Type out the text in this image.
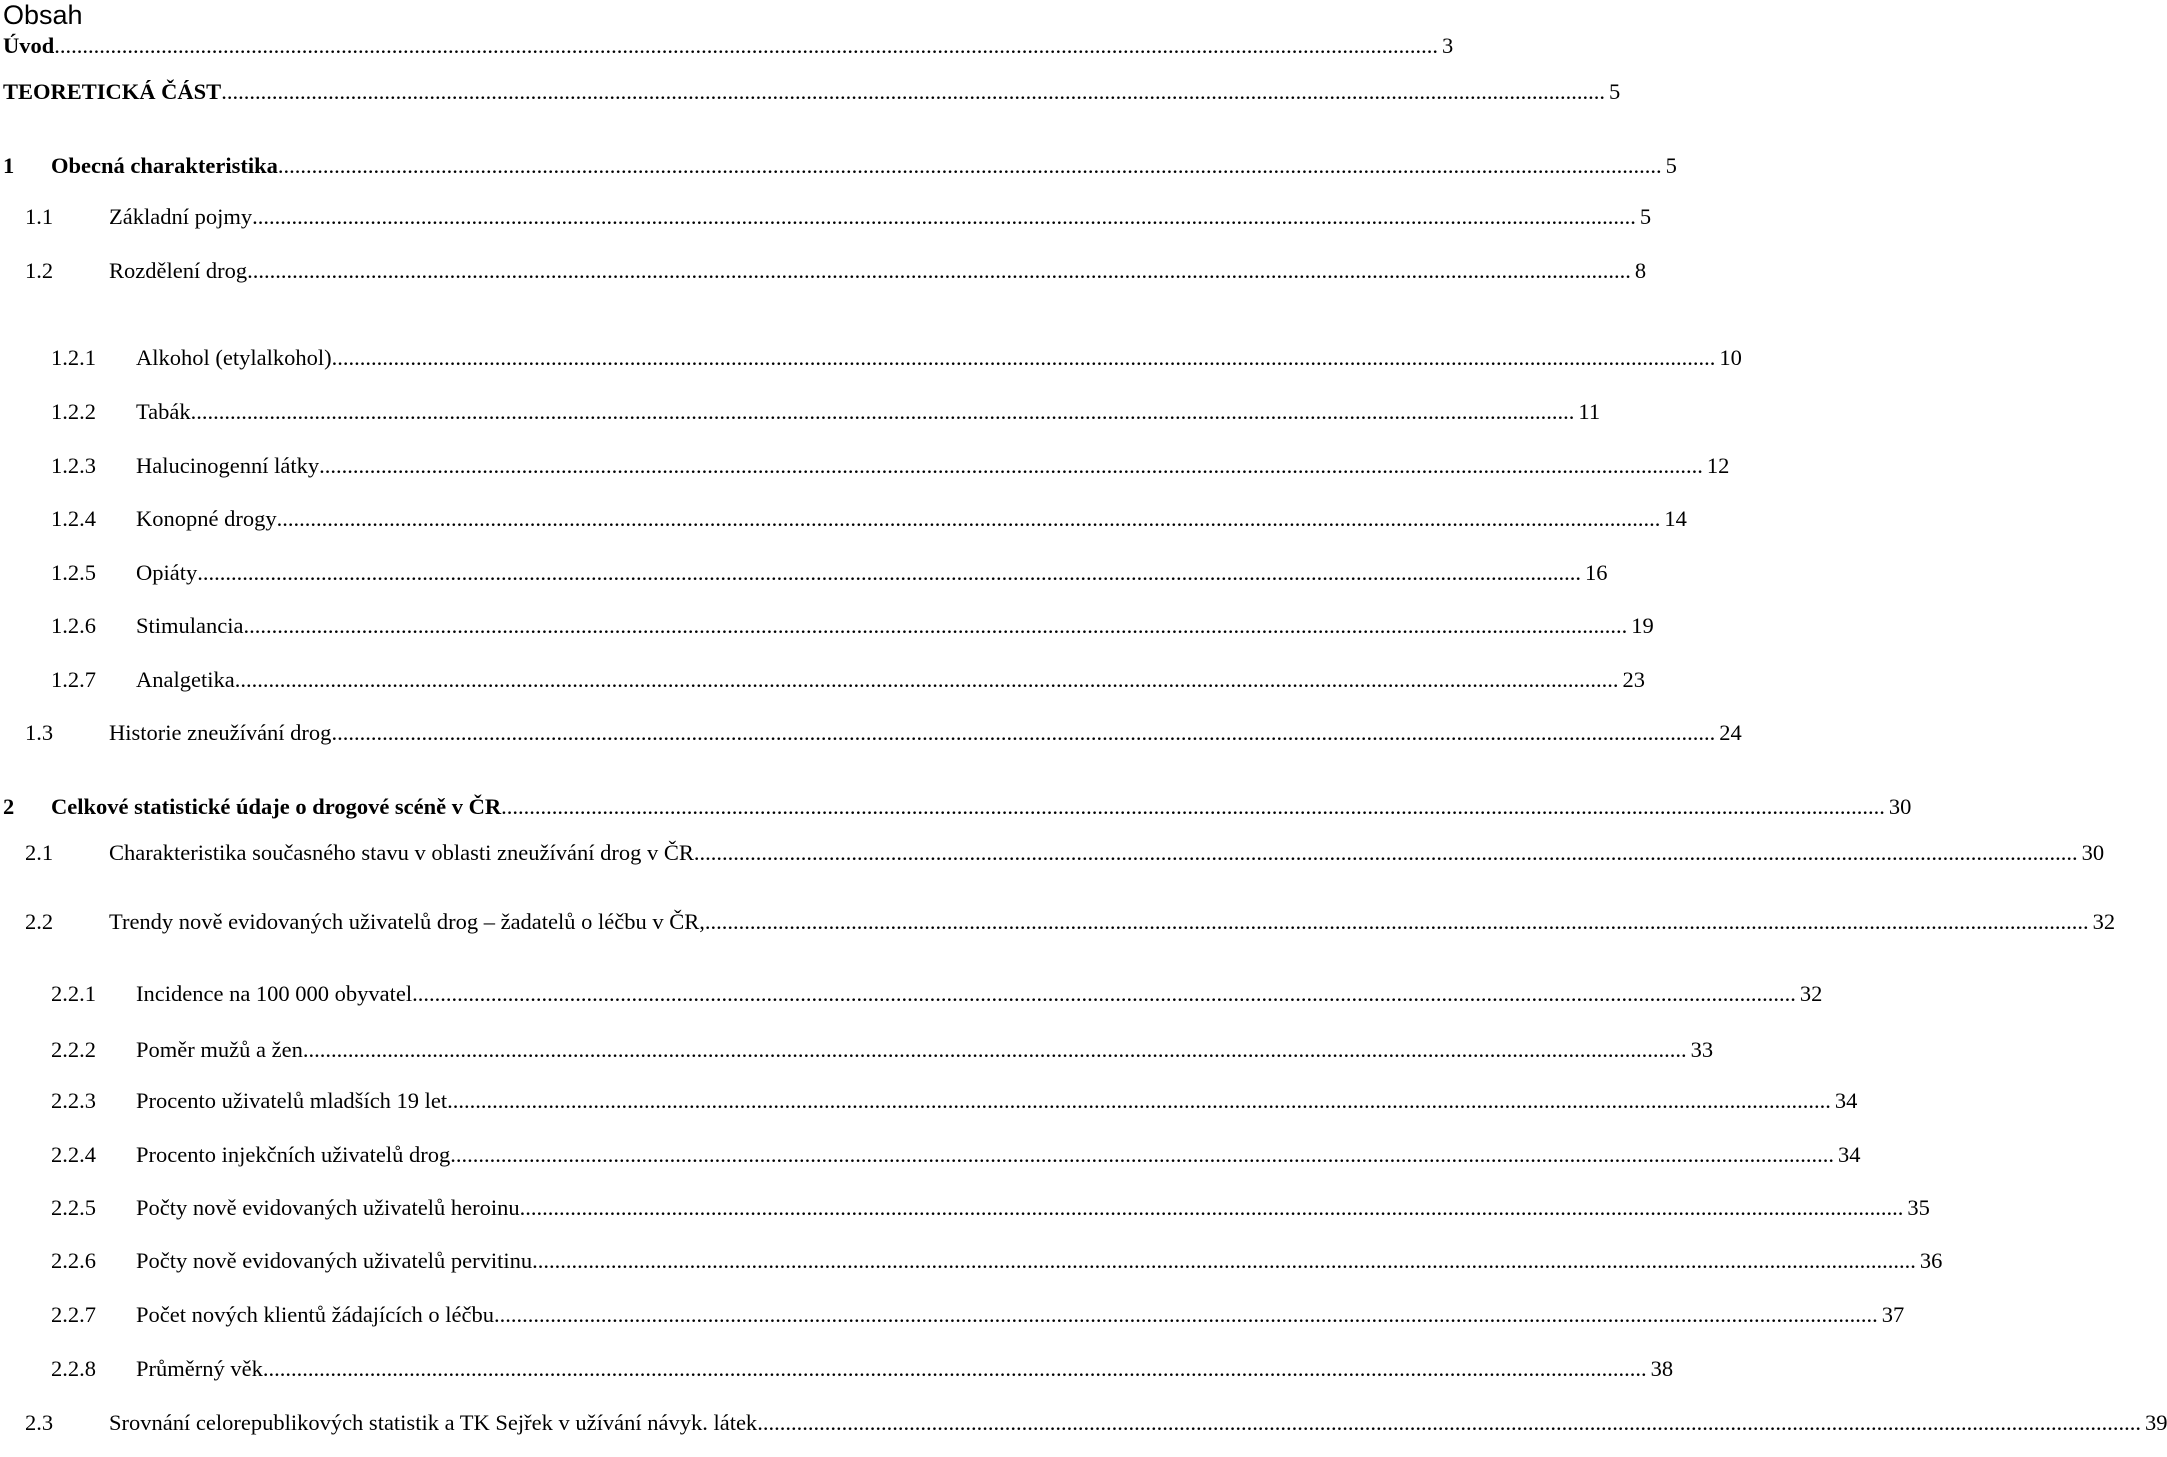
Obsah
Úvod .....	3
TEORETICKÁ ČÁST .....	5
1	Obecná charakteristika .....	5
1.1	Základní pojmy .....	5
1.2	Rozdělení drog .....	8
1.2.1	Alkohol (etylalkohol) .....	10
1.2.2	Tabák .....	11
1.2.3	Halucinogenní látky .....	12
1.2.4	Konopné drogy .....	14
1.2.5	Opiáty .....	16
1.2.6	Stimulancia .....	19
1.2.7	Analgetika .....	23
1.3	Historie zneužívání drog .....	24
2	Celkové statistické údaje o drogové scéně v ČR .....	30
2.1	Charakteristika současného stavu v oblasti zneužívání drog v ČR .....	30
2.2	Trendy nově evidovaných uživatelů drog – žadatelů o léčbu v ČR, .....	32
2.2.1	Incidence na 100 000 obyvatel .....	32
2.2.2	Poměr mužů a žen .....	33
2.2.3	Procento uživatelů mladších 19 let .....	34
2.2.4	Procento injekčních uživatelů drog .....	34
2.2.5	Počty nově evidovaných uživatelů heroinu .....	35
2.2.6	Počty nově evidovaných uživatelů pervitinu .....	36
2.2.7	Počet nových klientů žádajících o léčbu .....	37
2.2.8	Průměrný věk .....	38
2.3	Srovnání celorepublikových statistik a TK Sejřek v užívání návyk. látek .....	39
